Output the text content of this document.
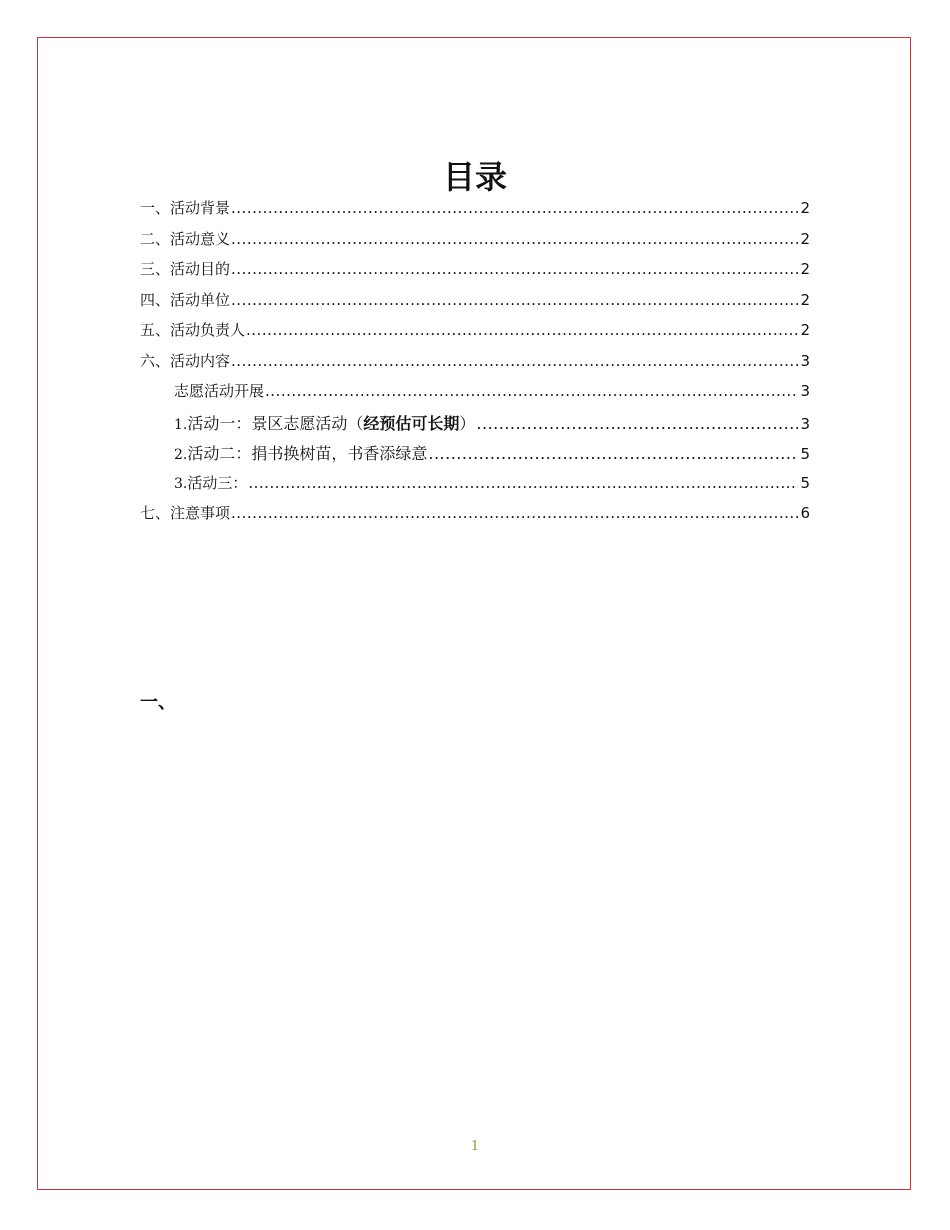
目录
一、活动背景 .....	2
二、活动意义 .....	2
三、活动目的 .....	2
四、活动单位 .....	2
五、活动负责人 .....	2
六、活动内容 .....	3
志愿活动开展 .....	3
1.活动一：景区志愿活动（经预估可长期） .....	3
2.活动二：捐书换树苗，书香添绿意 .....	5
3.活动三： .....	5
七、注意事项 .....	6
一、
1
